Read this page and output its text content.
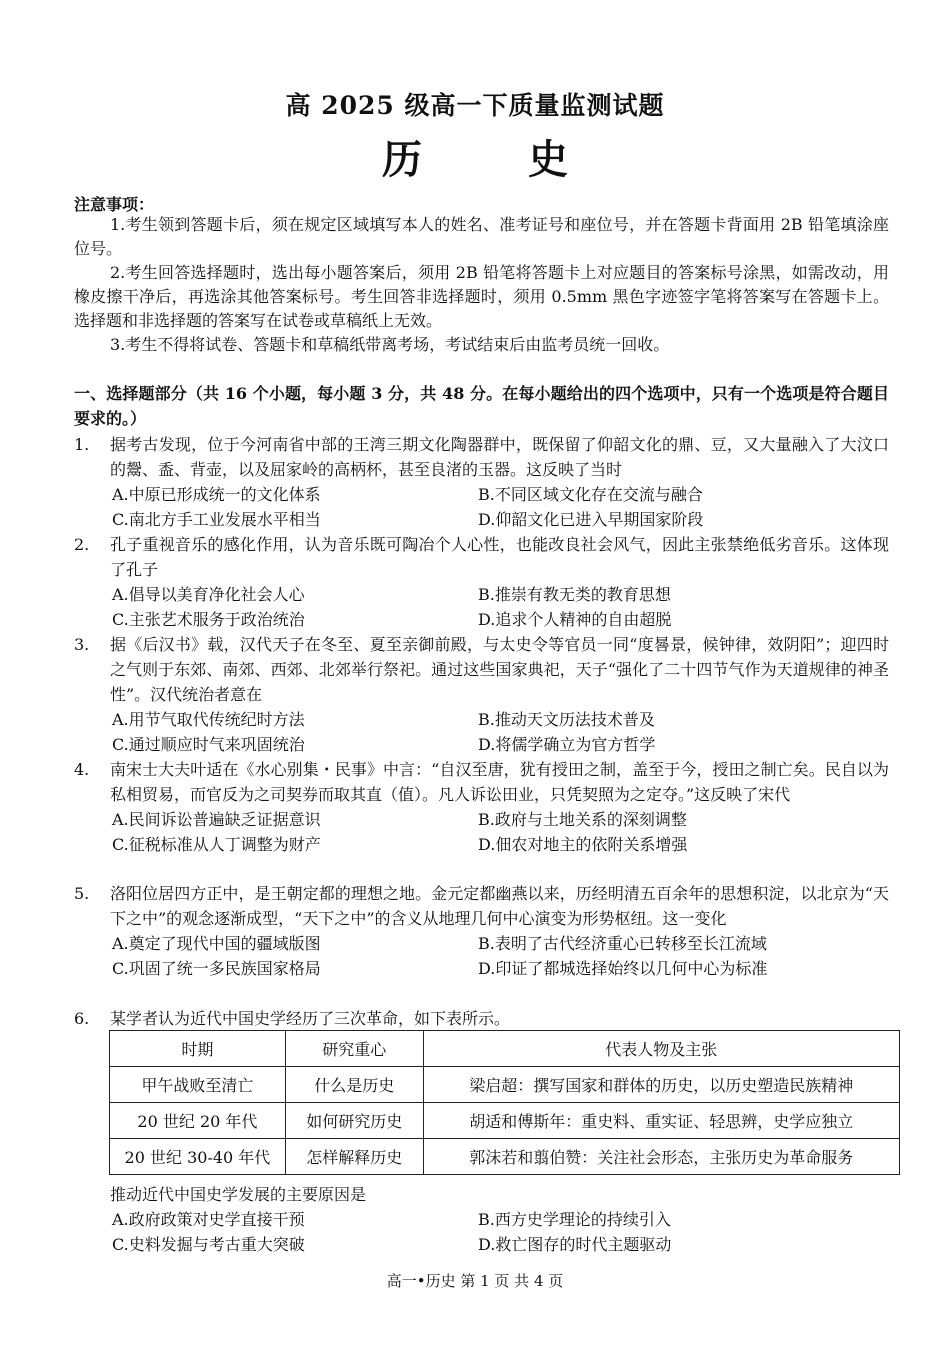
高 2025 级高一下质量监测试题
历 史
注意事项：
1.考生领到答题卡后，须在规定区域填写本人的姓名、准考证号和座位号，并在答题卡背面用 2B 铅笔填涂座位号。
2.考生回答选择题时，选出每小题答案后，须用 2B 铅笔将答题卡上对应题目的答案标号涂黑，如需改动，用橡皮擦干净后，再选涂其他答案标号。考生回答非选择题时，须用 0.5mm 黑色字迹签字笔将答案写在答题卡上。选择题和非选择题的答案写在试卷或草稿纸上无效。
3.考生不得将试卷、答题卡和草稿纸带离考场，考试结束后由监考员统一回收。
一、选择题部分（共 16 个小题，每小题 3 分，共 48 分。在每小题给出的四个选项中，只有一个选项是符合题目要求的。）
1. 据考古发现，位于今河南省中部的王湾三期文化陶器群中，既保留了仰韶文化的鼎、豆，又大量融入了大汶口的鬶、盉、背壶，以及屈家岭的高柄杯，甚至良渚的玉器。这反映了当时
A.中原已形成统一的文化体系	B.不同区域文化存在交流与融合
C.南北方手工业发展水平相当	D.仰韶文化已进入早期国家阶段
2. 孔子重视音乐的感化作用，认为音乐既可陶冶个人心性，也能改良社会风气，因此主张禁绝低劣音乐。这体现了孔子
A.倡导以美育净化社会人心	B.推崇有教无类的教育思想
C.主张艺术服务于政治统治	D.追求个人精神的自由超脱
3. 据《后汉书》载，汉代天子在冬至、夏至亲御前殿，与太史令等官员一同“度晷景，候钟律，效阴阳”；迎四时之气则于东郊、南郊、西郊、北郊举行祭祀。通过这些国家典祀，天子“强化了二十四节气作为天道规律的神圣性”。汉代统治者意在
A.用节气取代传统纪时方法	B.推动天文历法技术普及
C.通过顺应时气来巩固统治	D.将儒学确立为官方哲学
4. 南宋士大夫叶适在《水心别集・民事》中言：“自汉至唐，犹有授田之制，盖至于今，授田之制亡矣。民自以为私相贸易，而官反为之司契券而取其直（值）。凡人诉讼田业，只凭契照为之定夺。”这反映了宋代
A.民间诉讼普遍缺乏证据意识	B.政府与土地关系的深刻调整
C.征税标准从人丁调整为财产	D.佃农对地主的依附关系增强
5. 洛阳位居四方正中，是王朝定都的理想之地。金元定都幽燕以来，历经明清五百余年的思想积淀，以北京为“天下之中”的观念逐渐成型，“天下之中”的含义从地理几何中心演变为形势枢纽。这一变化
A.奠定了现代中国的疆域版图	B.表明了古代经济重心已转移至长江流域
C.巩固了统一多民族国家格局	D.印证了都城选择始终以几何中心为标准
6. 某学者认为近代中国史学经历了三次革命，如下表所示。
时期	研究重心	代表人物及主张
甲午战败至清亡	什么是历史	梁启超：撰写国家和群体的历史，以历史塑造民族精神
20 世纪 20 年代	如何研究历史	胡适和傅斯年：重史料、重实证、轻思辨，史学应独立
20 世纪 30-40 年代	怎样解释历史	郭沫若和翦伯赞：关注社会形态，主张历史为革命服务
推动近代中国史学发展的主要原因是
A.政府政策对史学直接干预	B.西方史学理论的持续引入
C.史料发掘与考古重大突破	D.救亡图存的时代主题驱动
高一•历史 第 1 页 共 4 页
